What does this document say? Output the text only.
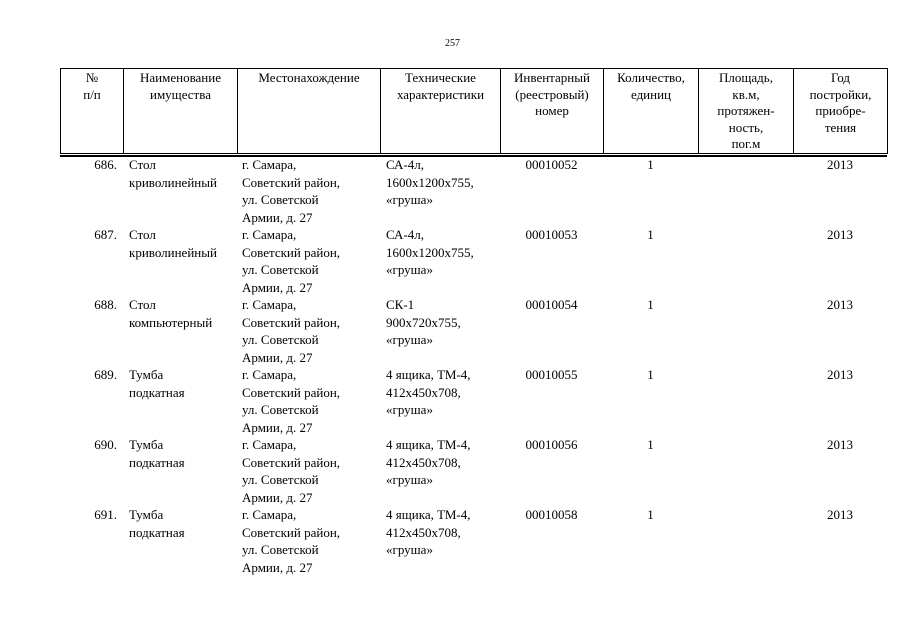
257
№
п/п	Наименование
имущества	Местонахождение	Технические
характеристики	Инвентарный
(реестровый)
номер	Количество,
единиц	Площадь,
кв.м,
протяжен-
ность,
пог.м	Год
постройки,
приобре-
тения
686.	Стол
криволинейный	г. Самара,
Советский район,
ул. Советской
Армии, д. 27	СА-4л,
1600x1200x755,
«груша»	00010052	1		2013
687.	Стол
криволинейный	г. Самара,
Советский район,
ул. Советской
Армии, д. 27	СА-4л,
1600x1200x755,
«груша»	00010053	1		2013
688.	Стол
компьютерный	г. Самара,
Советский район,
ул. Советской
Армии, д. 27	СК-1
900x720x755,
«груша»	00010054	1		2013
689.	Тумба
подкатная	г. Самара,
Советский район,
ул. Советской
Армии, д. 27	4 ящика, ТМ-4,
412x450x708,
«груша»	00010055	1		2013
690.	Тумба
подкатная	г. Самара,
Советский район,
ул. Советской
Армии, д. 27	4 ящика, ТМ-4,
412x450x708,
«груша»	00010056	1		2013
691.	Тумба
подкатная	г. Самара,
Советский район,
ул. Советской
Армии, д. 27	4 ящика, ТМ-4,
412x450x708,
«груша»	00010058	1		2013
